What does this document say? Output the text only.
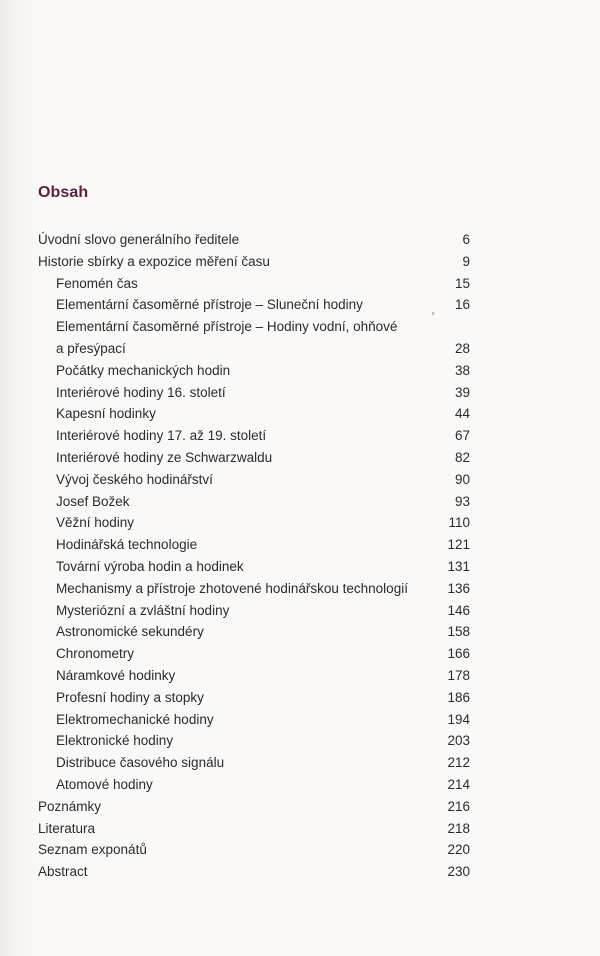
Obsah
Úvodní slovo generálního ředitele	6
Historie sbírky a expozice měření času	9
Fenomén čas	15
Elementární časoměrné přístroje – Sluneční hodiny	16
Elementární časoměrné přístroje – Hodiny vodní, ohňové
a přesýpací	28
Počátky mechanických hodin	38
Interiérové hodiny 16. století	39
Kapesní hodinky	44
Interiérové hodiny 17. až 19. století	67
Interiérové hodiny ze Schwarzwaldu	82
Vývoj českého hodinářství	90
Josef Božek	93
Věžní hodiny	110
Hodinářská technologie	121
Tovární výroba hodin a hodinek	131
Mechanismy a přístroje zhotovené hodinářskou technologií	136
Mysteriózní a zvláštní hodiny	146
Astronomické sekundéry	158
Chronometry	166
Náramkové hodinky	178
Profesní hodiny a stopky	186
Elektromechanické hodiny	194
Elektronické hodiny	203
Distribuce časového signálu	212
Atomové hodiny	214
Poznámky	216
Literatura	218
Seznam exponátů	220
Abstract	230
